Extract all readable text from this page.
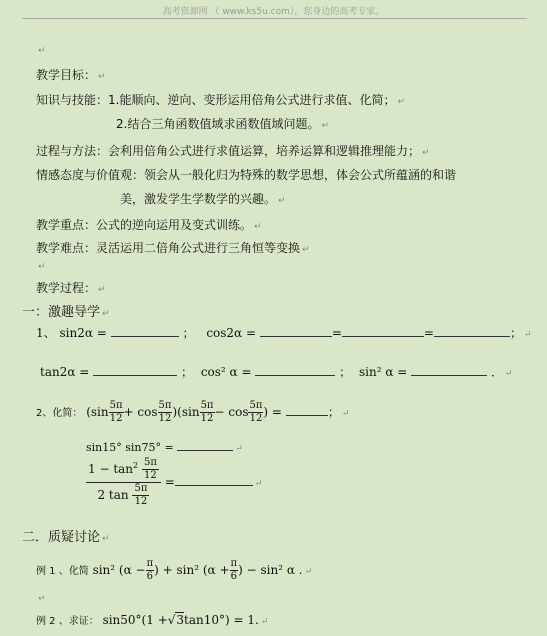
高考资源网 （ www.ks5u.com），您身边的高考专家。
↵
教学目标： ↵
知识与技能：1.能顺向、逆向、变形运用倍角公式进行求值、化简； ↵
2.结合三角函数值域求函数值域问题。 ↵
过程与方法：会利用倍角公式进行求值运算，培养运算和逻辑推理能力； ↵
情感态度与价值观：领会从一般化归为特殊的数学思想，体会公式所蕴涵的和谐
美，激发学生学数学的兴趣。 ↵
教学重点：公式的逆向运用及变式训练。 ↵
教学难点：灵活运用二倍角公式进行三角恒等变换 ↵
↵
教学过程： ↵
一：激趣导学 ↵
1、 sin2α =	； cos2α =	=	=	； ↵
tan2α =	； cos² α =	； sin² α =	． ↵
2、化简： $(\sin \frac{5\pi}{12} + \cos \frac{5\pi}{12} )(\sin \frac{5\pi}{12} - \cos \frac{5\pi}{12}$ ) =	； ↵
sin15° sin75° =	↵
$\frac{1 - \tan^2 \frac{5\pi}{12}}{2 \tan \frac{5\pi}{12}}$ =	↵
二．质疑讨论 ↵
例 1 、化简 sin² ($\alpha - \frac{\pi}{6}$ ) + sin² ($\alpha + \frac{\pi}{6}$ ) − sin² α . ↵
↵
例 2 、求证： sin50°(1 +√3tan10°) = 1. ↵
